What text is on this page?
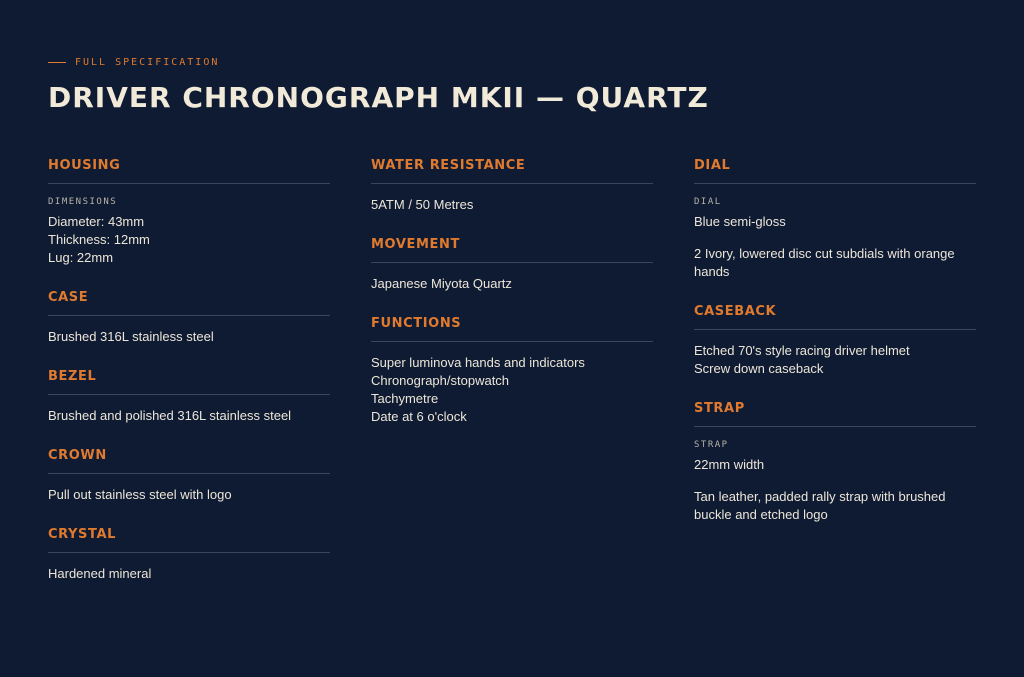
FULL SPECIFICATION
DRIVER CHRONOGRAPH MKII — QUARTZ
HOUSING
DIMENSIONS
Diameter: 43mm
Thickness: 12mm
Lug: 22mm
CASE
Brushed 316L stainless steel
BEZEL
Brushed and polished 316L stainless steel
CROWN
Pull out stainless steel with logo
CRYSTAL
Hardened mineral
WATER RESISTANCE
5ATM / 50 Metres
MOVEMENT
Japanese Miyota Quartz
FUNCTIONS
Super luminova hands and indicators
Chronograph/stopwatch
Tachymetre
Date at 6 o'clock
DIAL
DIAL
Blue semi-gloss
2 Ivory, lowered disc cut subdials with orange hands
CASEBACK
Etched 70's style racing driver helmet
Screw down caseback
STRAP
STRAP
22mm width
Tan leather, padded rally strap with brushed buckle and etched logo
